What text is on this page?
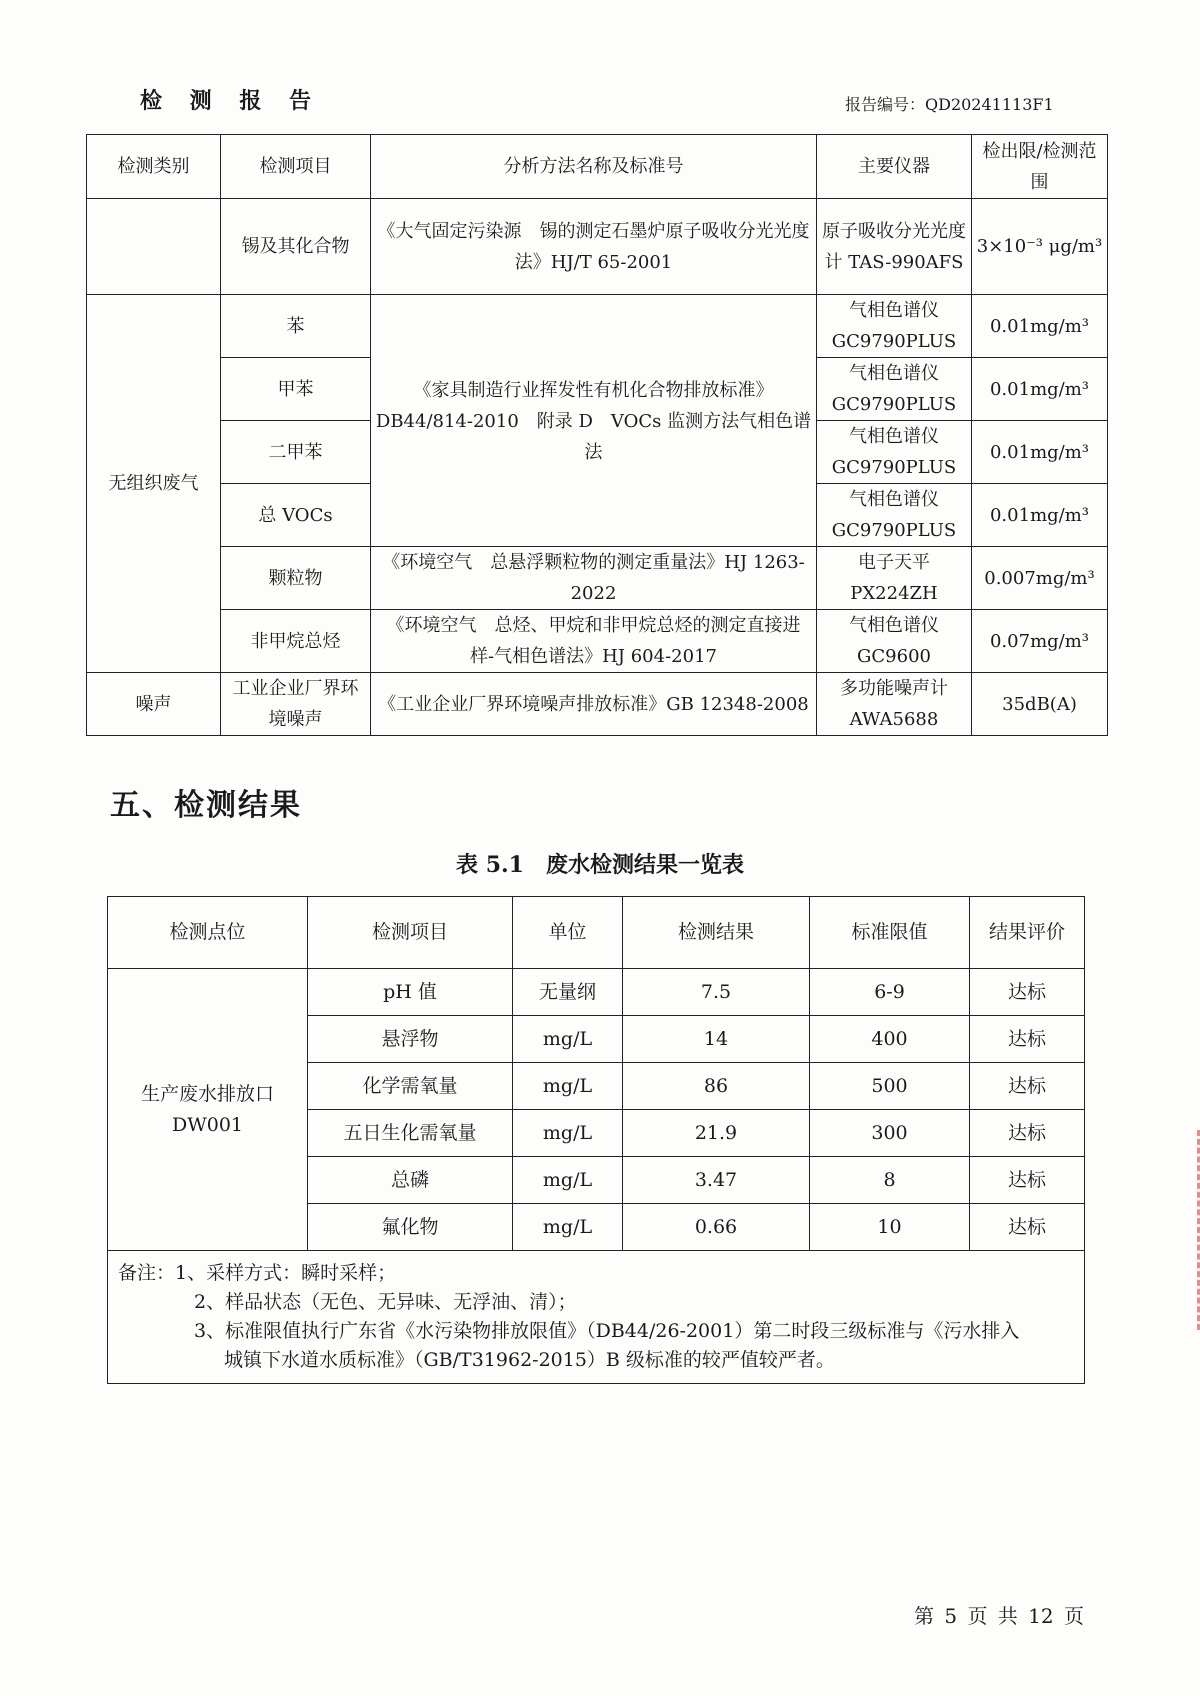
检 测 报 告	报告编号：QD20241113F1
检测类别	检测项目	分析方法名称及标准号	主要仪器	检出限/检测范围
	锡及其化合物	《大气固定污染源　锡的测定石墨炉原子吸收分光光度法》HJ/T 65-2001	原子吸收分光光度计 TAS-990AFS	3×10⁻³ μg/m³
无组织废气	苯	《家具制造行业挥发性有机化合物排放标准》DB44/814-2010　附录 D　VOCs 监测方法气相色谱法	气相色谱仪 GC9790PLUS	0.01mg/m³
	甲苯		气相色谱仪 GC9790PLUS	0.01mg/m³
	二甲苯		气相色谱仪 GC9790PLUS	0.01mg/m³
	总 VOCs		气相色谱仪 GC9790PLUS	0.01mg/m³
	颗粒物	《环境空气　总悬浮颗粒物的测定重量法》HJ 1263-2022	电子天平 PX224ZH	0.007mg/m³
	非甲烷总烃	《环境空气　总烃、甲烷和非甲烷总烃的测定直接进样-气相色谱法》HJ 604-2017	气相色谱仪 GC9600	0.07mg/m³
噪声	工业企业厂界环境噪声	《工业企业厂界环境噪声排放标准》GB 12348-2008	多功能噪声计 AWA5688	35dB(A)
五、检测结果
表 5.1　废水检测结果一览表
检测点位	检测项目	单位	检测结果	标准限值	结果评价
生产废水排放口 DW001	pH 值	无量纲	7.5	6-9	达标
	悬浮物	mg/L	14	400	达标
	化学需氧量	mg/L	86	500	达标
	五日生化需氧量	mg/L	21.9	300	达标
	总磷	mg/L	3.47	8	达标
	氟化物	mg/L	0.66	10	达标

备注：1、采样方式：瞬时采样；
2、样品状态（无色、无异味、无浮油、清）；
3、标准限值执行广东省《水污染物排放限值》（DB44/26-2001）第二时段三级标准与《污水排入
城镇下水道水质标准》（GB/T31962-2015）B 级标准的较严值较严者。					
第 5 页 共 12 页
